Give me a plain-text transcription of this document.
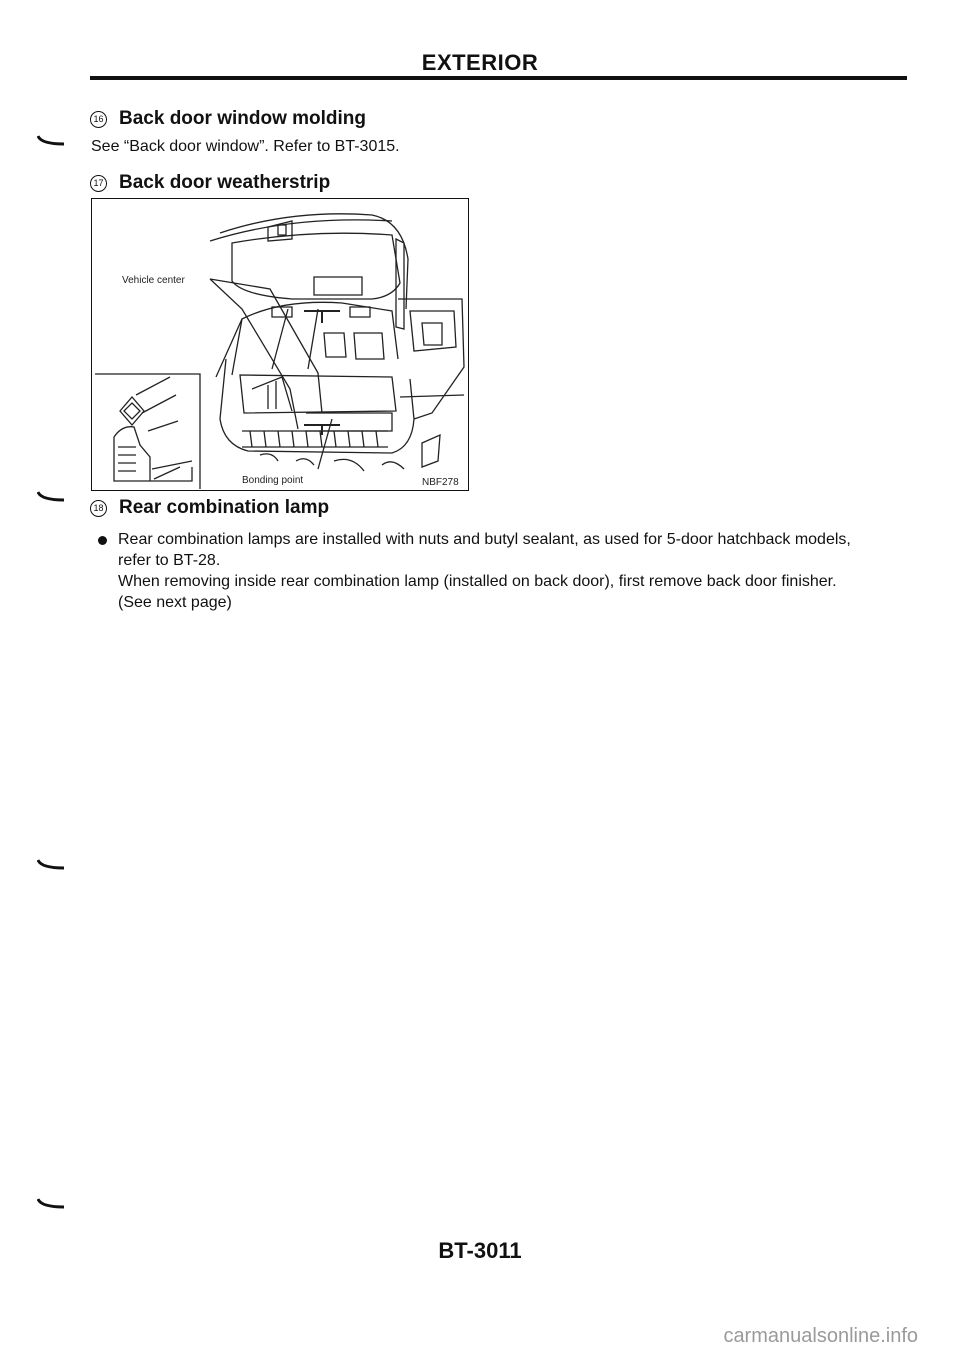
EXTERIOR
16 Back door window molding
See “Back door window”. Refer to BT-3015.
17 Back door weatherstrip
Vehicle center
Bonding point	NBF278
18 Rear combination lamp
Rear combination lamps are installed with nuts and butyl sealant, as used for 5-door hatchback models,
refer to BT-28.
When removing inside rear combination lamp (installed on back door), first remove back door finisher.
(See next page)
BT-3011
carmanualsonline.info
